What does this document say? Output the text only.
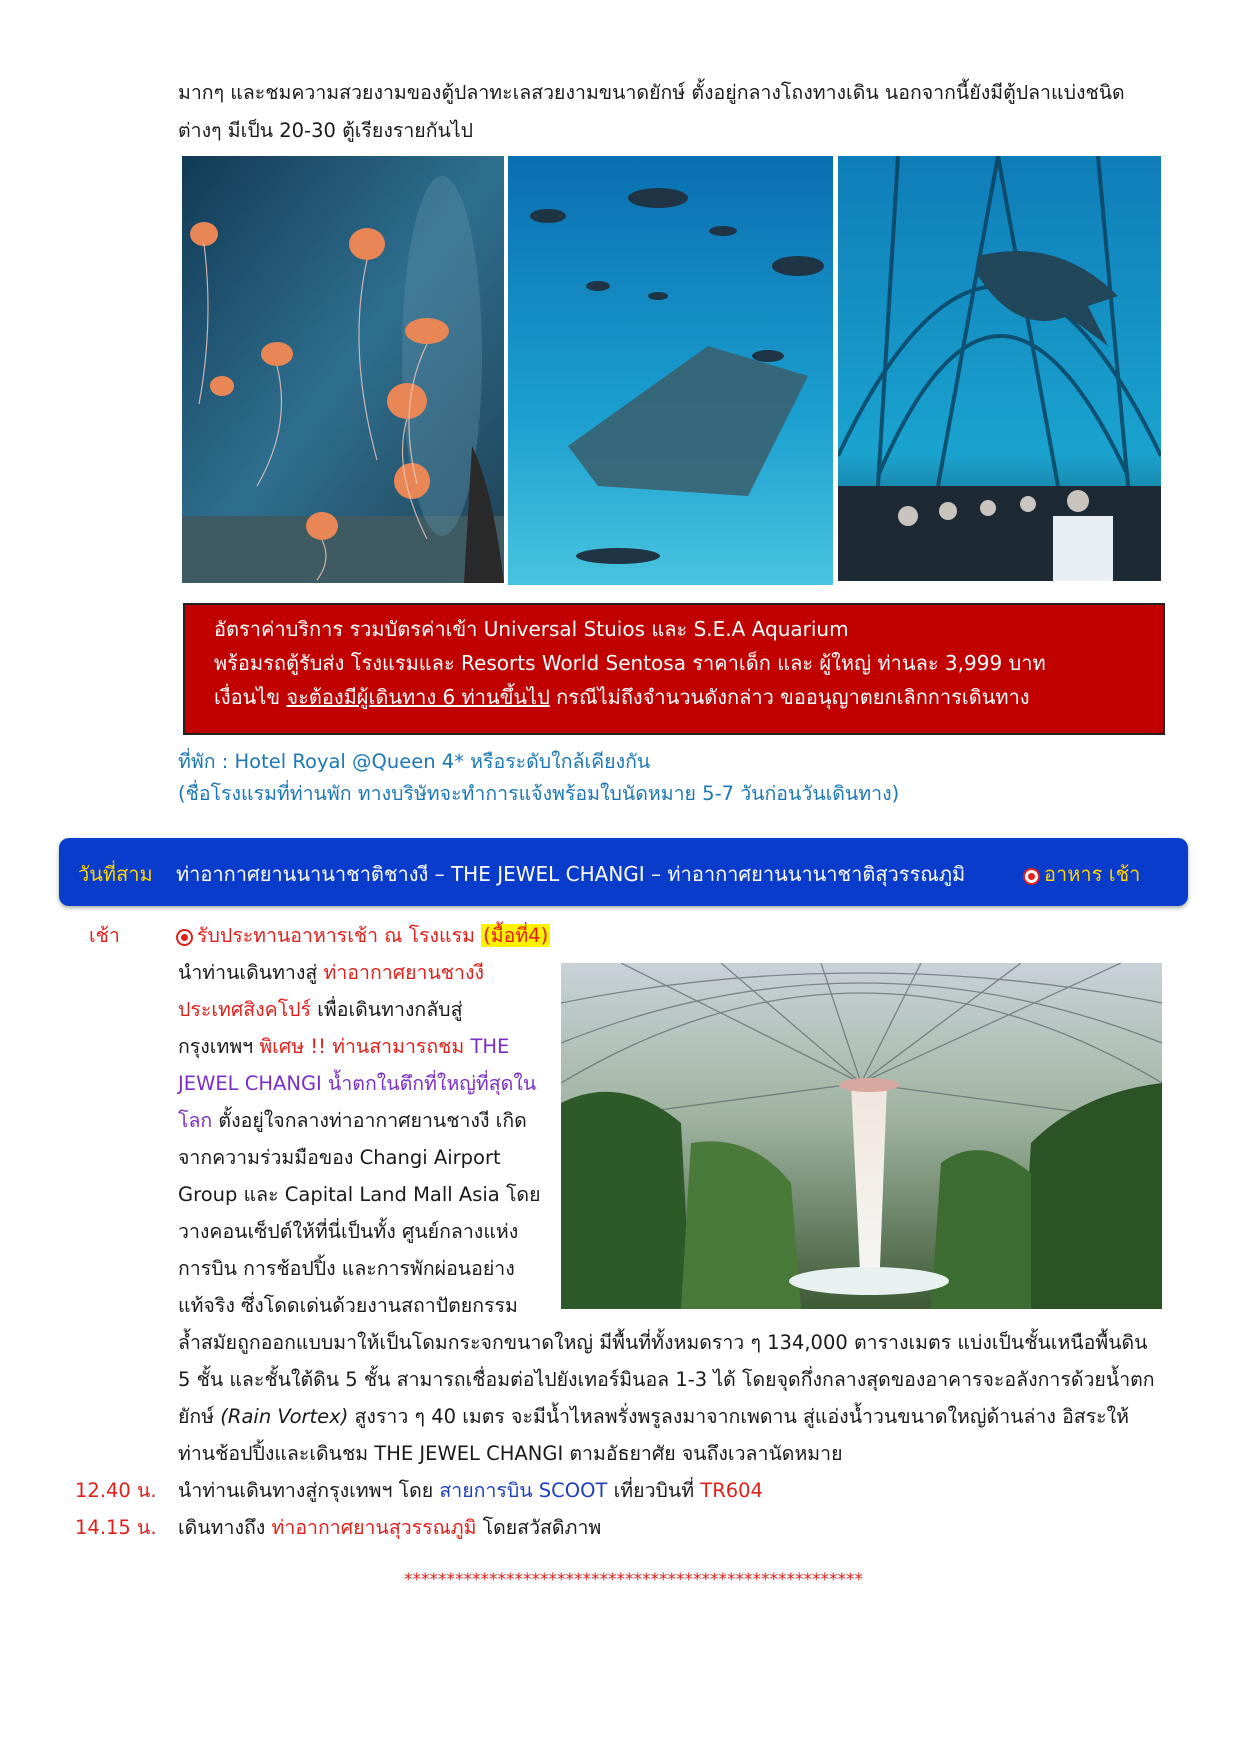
มากๆ และชมความสวยงามของตู้ปลาทะเลสวยงามขนาดยักษ์ ตั้งอยู่กลางโถงทางเดิน นอกจากนี้ยังมีตู้ปลาแบ่งชนิด
ต่างๆ มีเป็น 20-30 ตู้เรียงรายกันไป
อัตราค่าบริการ รวมบัตรค่าเข้า Universal Stuios และ S.E.A Aquarium
พร้อมรถตู้รับส่ง โรงแรมและ Resorts World Sentosa ราคาเด็ก และ ผู้ใหญ่ ท่านละ 3,999 บาท
เงื่อนไข จะต้องมีผู้เดินทาง 6 ท่านขึ้นไป กรณีไม่ถึงจำนวนดังกล่าว ขออนุญาตยกเลิกการเดินทาง
ที่พัก : Hotel Royal @Queen 4* หรือระดับใกล้เคียงกัน
(ชื่อโรงแรมที่ท่านพัก ทางบริษัทจะทำการแจ้งพร้อมใบนัดหมาย 5-7 วันก่อนวันเดินทาง)
วันที่สาม ท่าอากาศยานนานาชาติชางงี – THE JEWEL CHANGI – ท่าอากาศยานนานาชาติสุวรรณภูมิ	อาหาร เช้า
เช้า	รับประทานอาหารเช้า ณ โรงแรม (มื้อที่4)
นำท่านเดินทางสู่ ท่าอากาศยานชางงี
ประเทศสิงคโปร์ เพื่อเดินทางกลับสู่
กรุงเทพฯ พิเศษ !! ท่านสามารถชม THE
JEWEL CHANGI น้ำตกในตึกที่ใหญ่ที่สุดใน
โลก ตั้งอยู่ใจกลางท่าอากาศยานชางงี เกิด
จากความร่วมมือของ Changi Airport
Group และ Capital Land Mall Asia โดย
วางคอนเซ็ปต์ให้ที่นี่เป็นทั้ง ศูนย์กลางแห่ง
การบิน การช้อปปิ้ง และการพักผ่อนอย่าง
แท้จริง ซึ่งโดดเด่นด้วยงานสถาปัตยกรรม
ล้ำสมัยถูกออกแบบมาให้เป็นโดมกระจกขนาดใหญ่ มีพื้นที่ทั้งหมดราว ๆ 134,000 ตารางเมตร แบ่งเป็นชั้นเหนือพื้นดิน
5 ชั้น และชั้นใต้ดิน 5 ชั้น สามารถเชื่อมต่อไปยังเทอร์มินอล 1-3 ได้ โดยจุดกึ่งกลางสุดของอาคารจะอลังการด้วยน้ำตก
ยักษ์ (Rain Vortex) สูงราว ๆ 40 เมตร จะมีน้ำไหลพรั่งพรูลงมาจากเพดาน สู่แอ่งน้ำวนขนาดใหญ่ด้านล่าง อิสระให้
ท่านช้อปปิ้งและเดินชม THE JEWEL CHANGI ตามอัธยาศัย จนถึงเวลานัดหมาย
12.40 น. นำท่านเดินทางสู่กรุงเทพฯ โดย สายการบิน SCOOT เที่ยวบินที่ TR604
14.15 น. เดินทางถึง ท่าอากาศยานสุวรรณภูมิ โดยสวัสดิภาพ
******************************************************
